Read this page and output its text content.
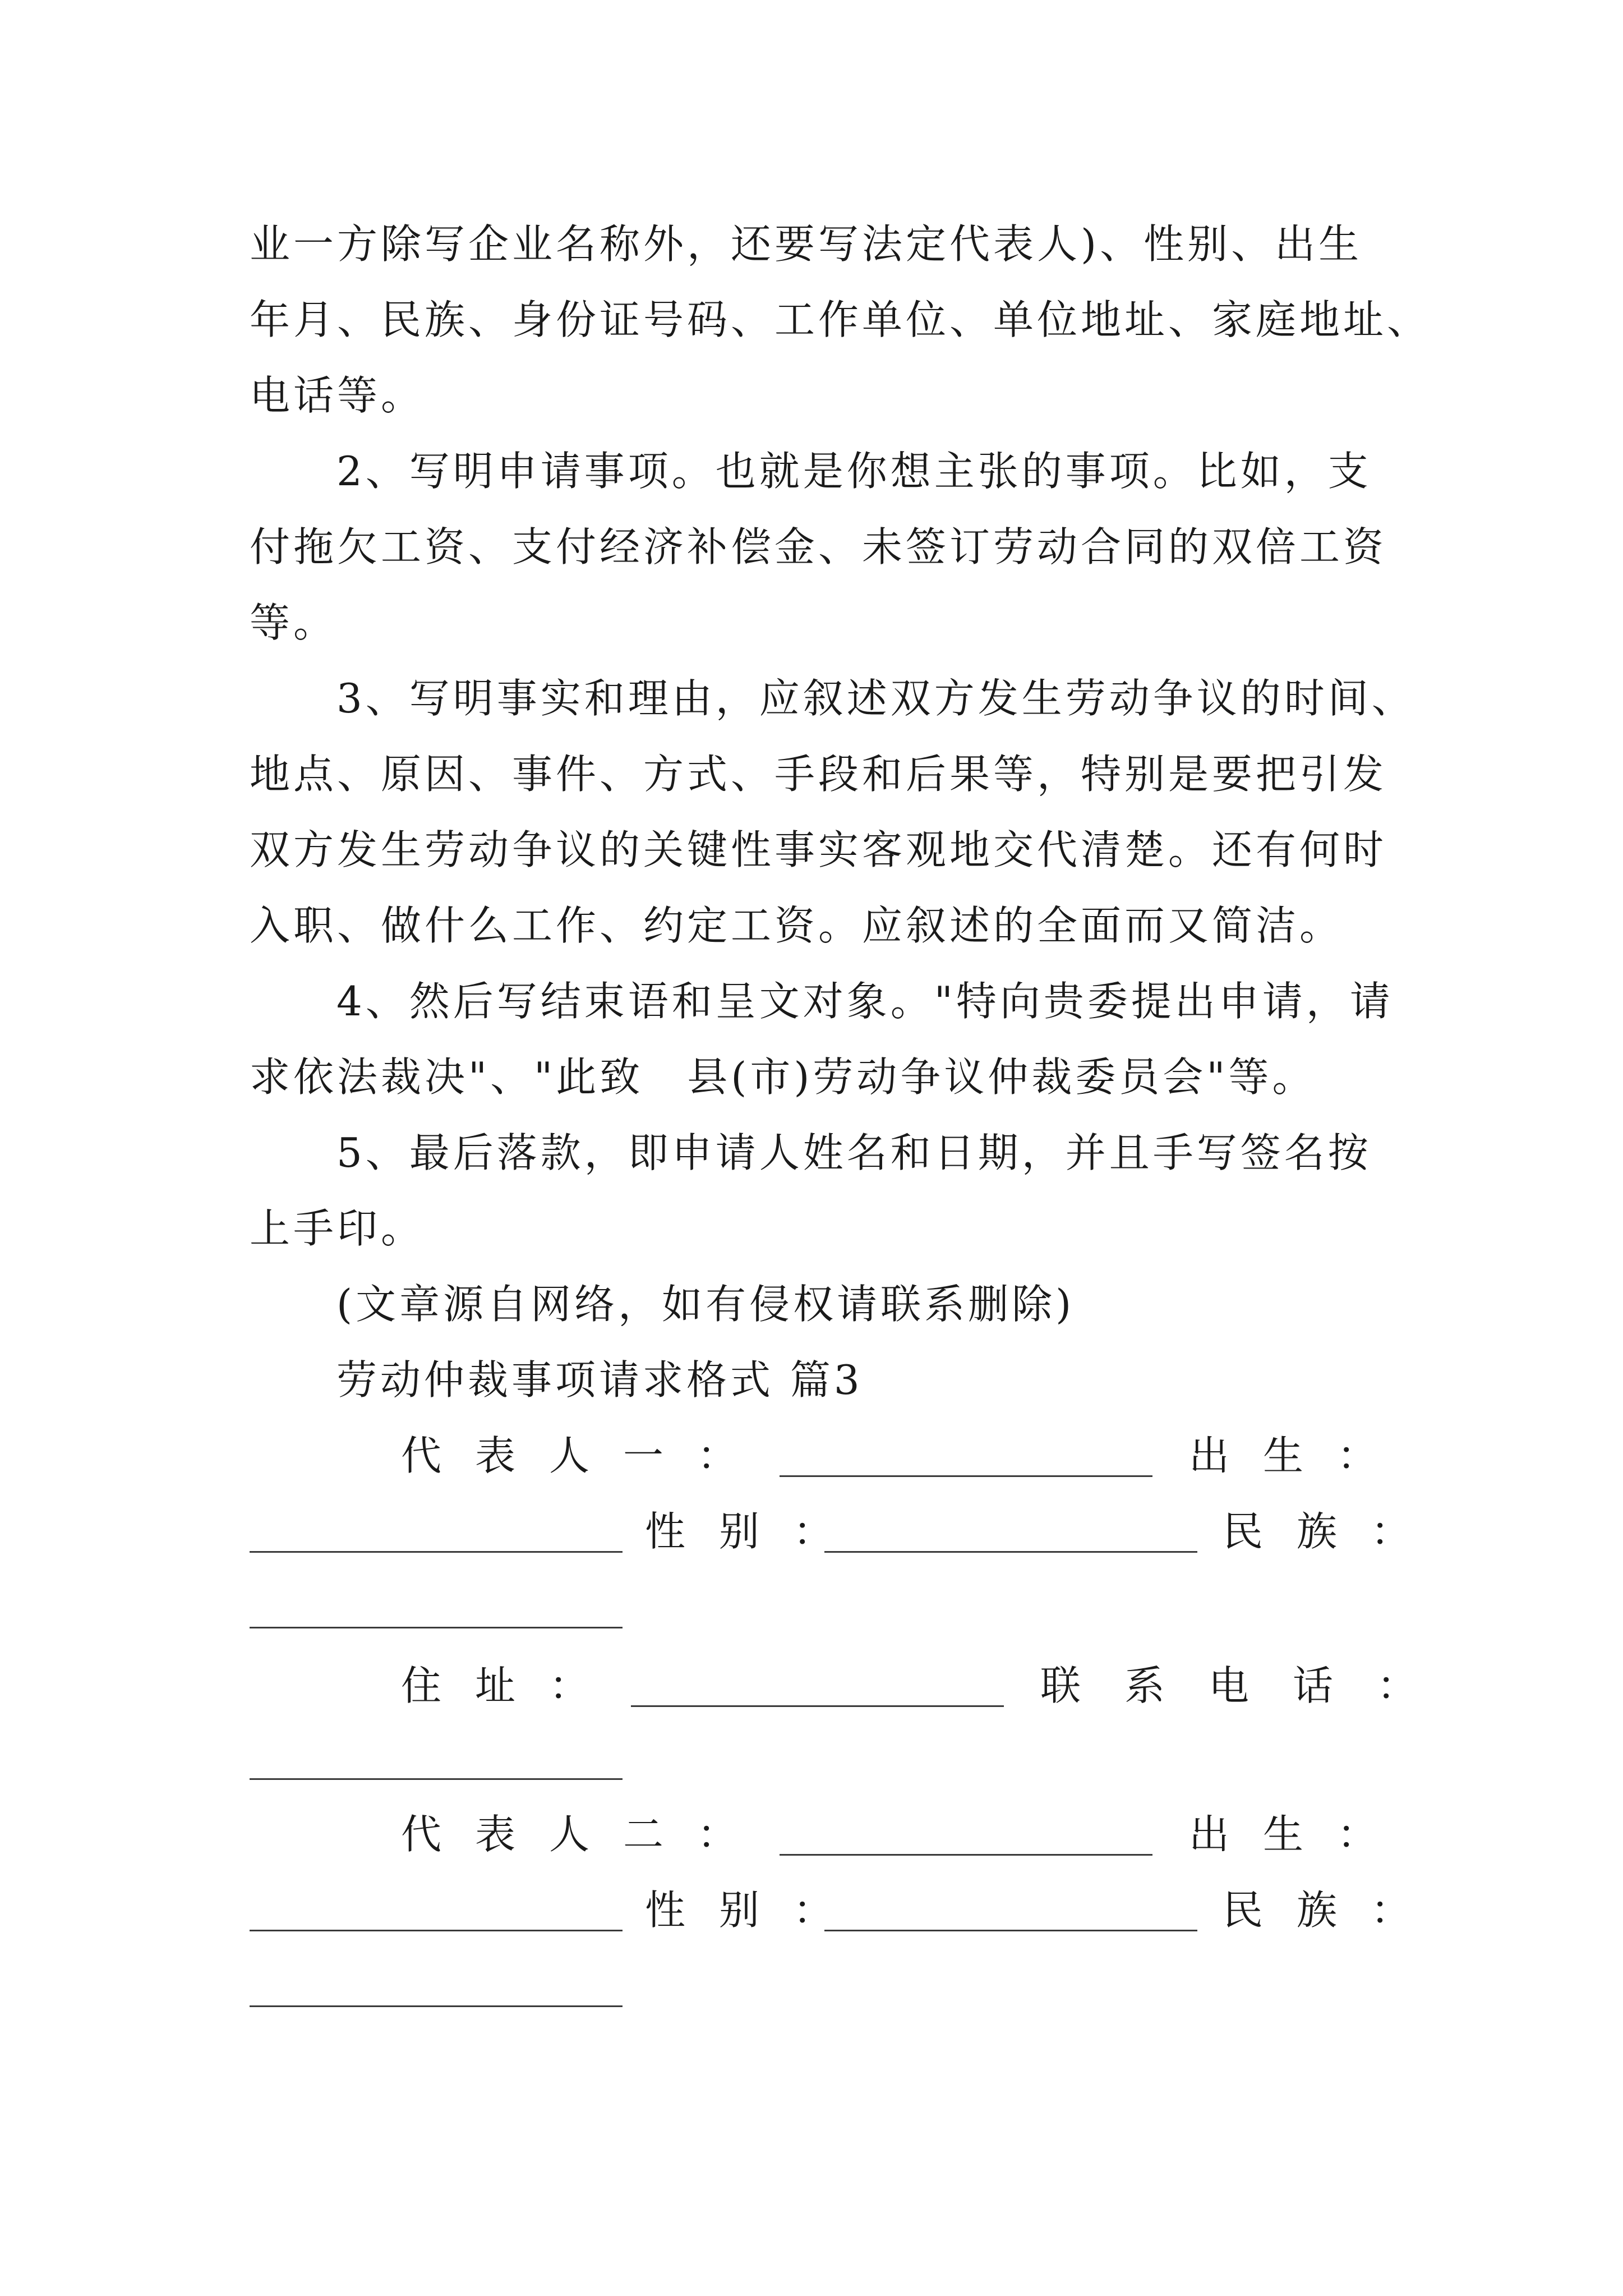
业一方除写企业名称外，还要写法定代表人)、性别、出生
年月、民族、身份证号码、工作单位、单位地址、家庭地址、
电话等。
2、写明申请事项。也就是你想主张的事项。比如，支
付拖欠工资、支付经济补偿金、未签订劳动合同的双倍工资
等。
3、写明事实和理由，应叙述双方发生劳动争议的时间、
地点、原因、事件、方式、手段和后果等，特别是要把引发
双方发生劳动争议的关键性事实客观地交代清楚。还有何时
入职、做什么工作、约定工资。应叙述的全面而又简洁。
4、然后写结束语和呈文对象。"特向贵委提出申请，请
求依法裁决"、"此致　县(市)劳动争议仲裁委员会"等。
5、最后落款，即申请人姓名和日期，并且手写签名按
上手印。
(文章源自网络，如有侵权请联系删除)
劳动仲裁事项请求格式 篇3
代表人一：	出生：
性别：	民族：
住址：	联系电话：
代表人二：	出生：
性别：	民族：
